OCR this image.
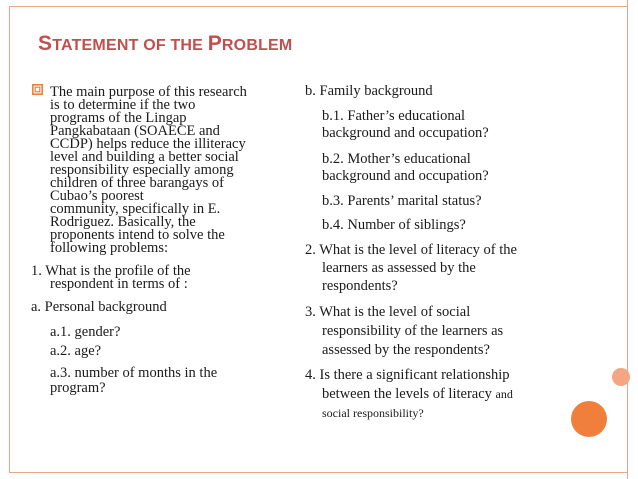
STATEMENT OF THE PROBLEM
The main purpose of this research
is to determine if the two
programs of the Lingap
Pangkabataan (SOAECE and
CCDP) helps reduce the illiteracy
level and building a better social
responsibility especially among
children of three barangays of
Cubao’s poorest
community, specifically in E.
Rodriguez. Basically, the
proponents intend to solve the
following problems:
1. What is the profile of the
respondent in terms of :
a. Personal background
a.1. gender?
a.2. age?
a.3. number of months in the
program?
b. Family background
b.1. Father’s educational
background and occupation?
b.2. Mother’s educational
background and occupation?
b.3. Parents’ marital status?
b.4. Number of siblings?
2. What is the level of literacy of the
learners as assessed by the
respondents?
3. What is the level of social
responsibility of the learners as
assessed by the respondents?
4. Is there a significant relationship
between the levels of literacy and
social responsibility?
